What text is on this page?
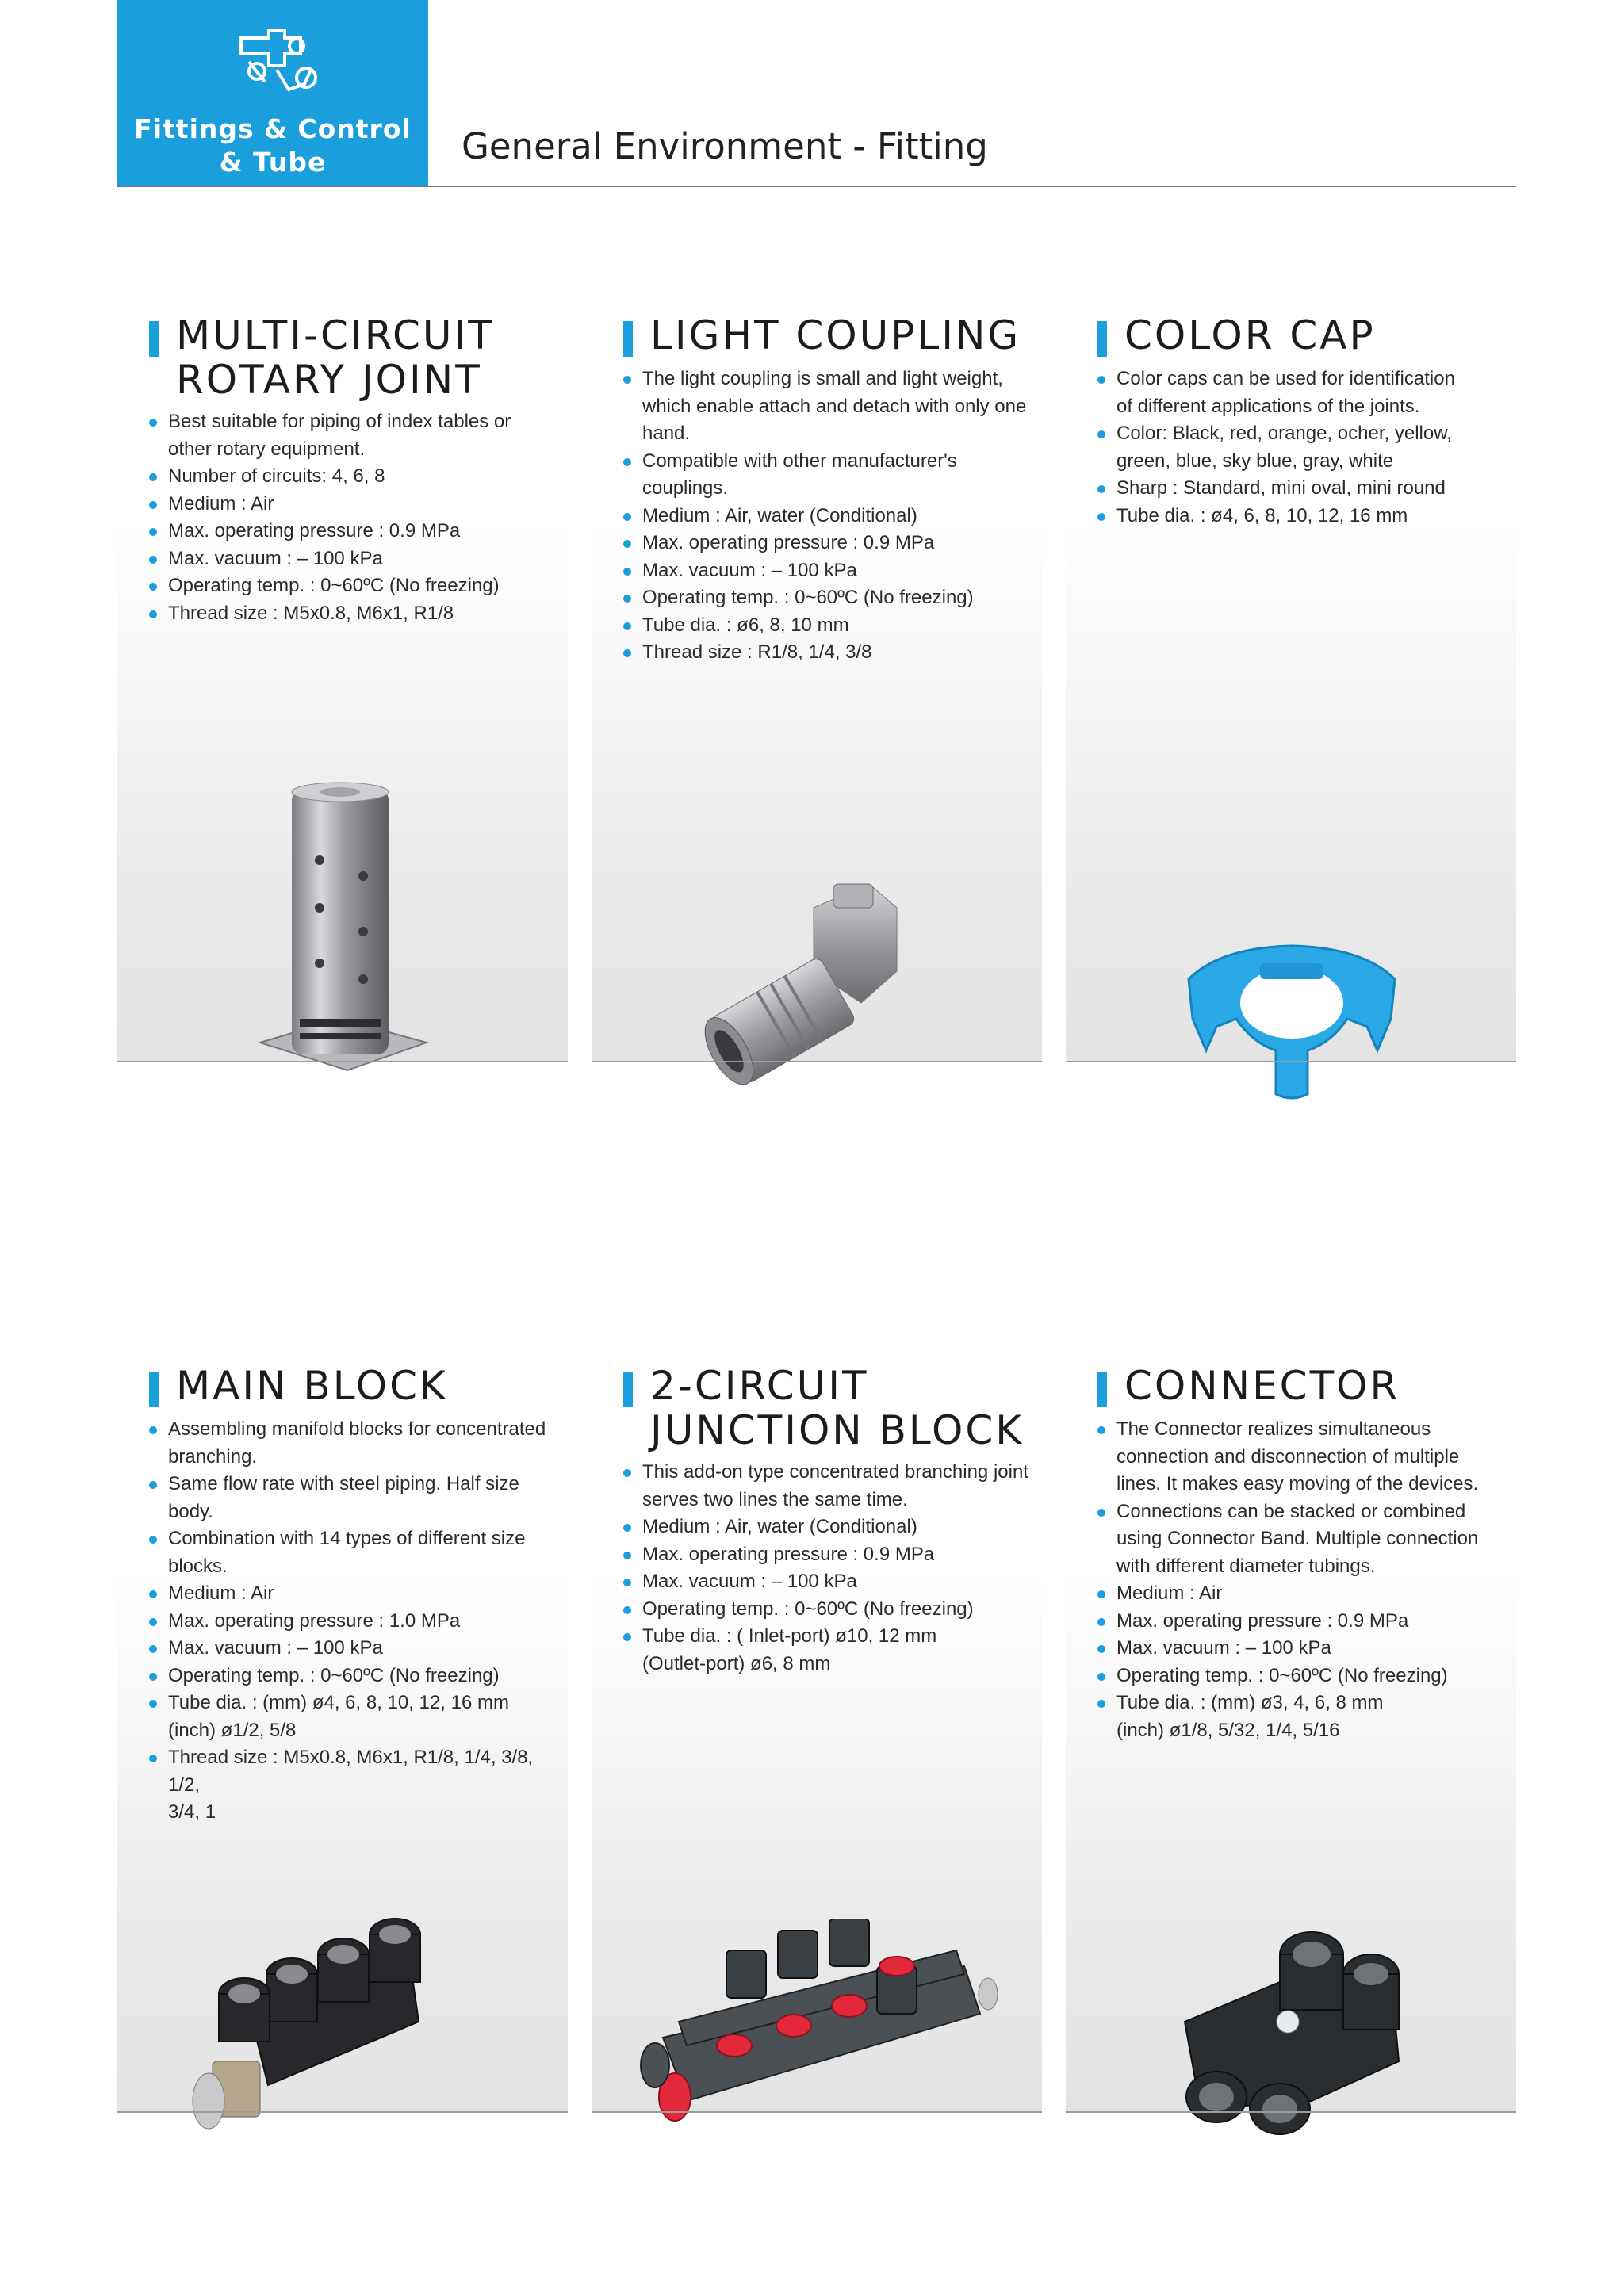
Fittings & Control
& Tube	General Environment - Fitting
MULTI-CIRCUIT
ROTARY JOINT
Best suitable for piping of index tables or
other rotary equipment.
Number of circuits: 4, 6, 8
Medium : Air
Max. operating pressure : 0.9 MPa
Max. vacuum : – 100 kPa
Operating temp. : 0~60ºC (No freezing)
Thread size : M5x0.8, M6x1, R1/8
LIGHT COUPLING
The light coupling is small and light weight,
which enable attach and detach with only one
hand.
Compatible with other manufacturer's couplings.
Medium : Air, water (Conditional)
Max. operating pressure : 0.9 MPa
Max. vacuum : – 100 kPa
Operating temp. : 0~60ºC (No freezing)
Tube dia. : ø6, 8, 10 mm
Thread size : R1/8, 1/4, 3/8
COLOR CAP
Color caps can be used for identification
of different applications of the joints.
Color: Black, red, orange, ocher, yellow,
green, blue, sky blue, gray, white
Sharp : Standard, mini oval, mini round
Tube dia. : ø4, 6, 8, 10, 12, 16 mm
MAIN BLOCK
Assembling manifold blocks for concentrated
branching.
Same flow rate with steel piping. Half size body.
Combination with 14 types of different size
blocks.
Medium : Air
Max. operating pressure : 1.0 MPa
Max. vacuum : – 100 kPa
Operating temp. : 0~60ºC (No freezing)
Tube dia. : (mm) ø4, 6, 8, 10, 12, 16 mm
(inch) ø1/2, 5/8
Thread size : M5x0.8, M6x1, R1/8, 1/4, 3/8, 1/2,
3/4, 1
2-CIRCUIT
JUNCTION BLOCK
This add-on type concentrated branching joint
serves two lines the same time.
Medium : Air, water (Conditional)
Max. operating pressure : 0.9 MPa
Max. vacuum : – 100 kPa
Operating temp. : 0~60ºC (No freezing)
Tube dia. : ( Inlet-port) ø10, 12 mm
(Outlet-port) ø6, 8 mm
CONNECTOR
The Connector realizes simultaneous
connection and disconnection of multiple
lines. It makes easy moving of the devices.
Connections can be stacked or combined
using Connector Band. Multiple connection
with different diameter tubings.
Medium : Air
Max. operating pressure : 0.9 MPa
Max. vacuum : – 100 kPa
Operating temp. : 0~60ºC (No freezing)
Tube dia. : (mm) ø3, 4, 6, 8 mm
(inch) ø1/8, 5/32, 1/4, 5/16
